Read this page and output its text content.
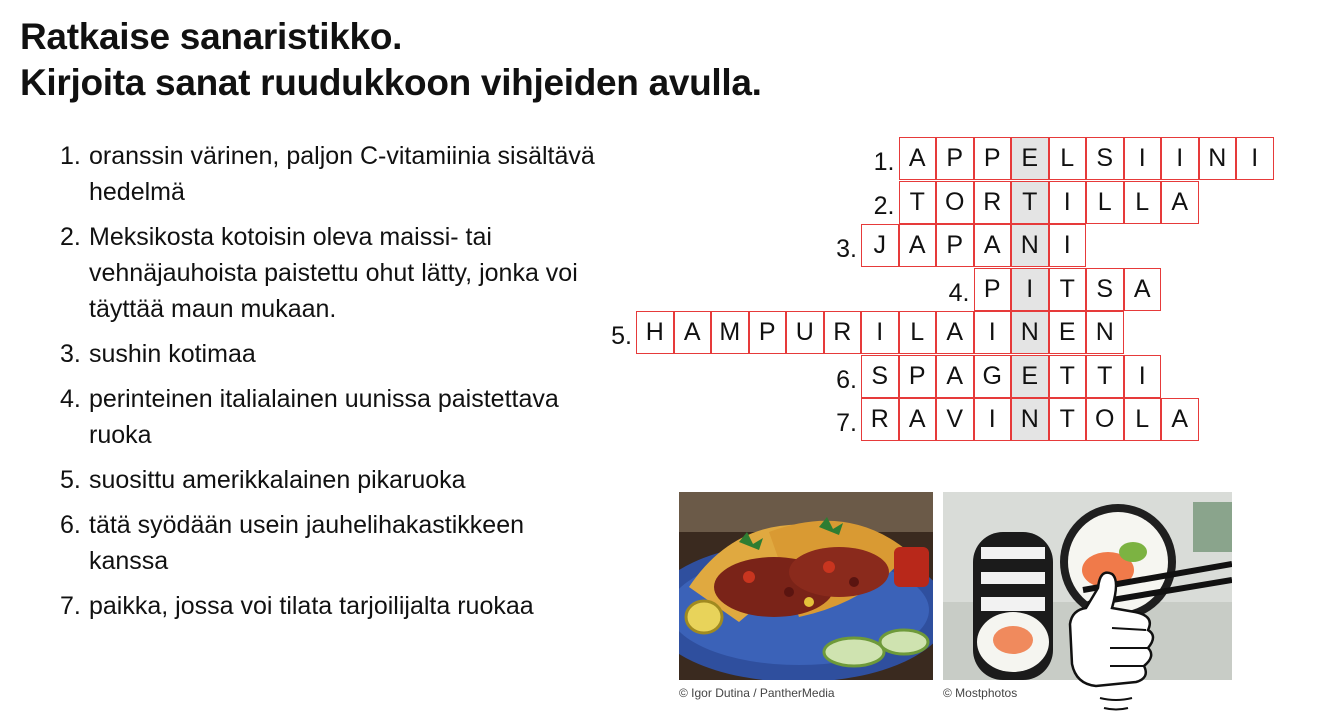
Ratkaise sanaristikko.
Kirjoita sanat ruudukkoon vihjeiden avulla.
1. oranssin värinen, paljon C-vitamiinia sisältävä hedelmä
2. Meksikosta kotoisin oleva maissi- tai vehnäjauhoista paistettu ohut lätty, jonka voi täyttää maun mukaan.
3. sushin kotimaa
4. perinteinen italialainen uunissa paistettava ruoka
5. suosittu amerikkalainen pikaruoka
6. tätä syödään usein jauhelihakastikkeen kanssa
7. paikka, jossa voi tilata tarjoilijalta ruokaa
1. A P P E L S	I	I	N I
2. T O R T	I	L L A
3. J A P A N I
4. P	I	T S A
5. H A M P U R I	L A	I	N E N
6. S P A G E T T	I
7. R A V	I	N T O L A
© Igor Dutina / PantherMedia	© Mostphotos
